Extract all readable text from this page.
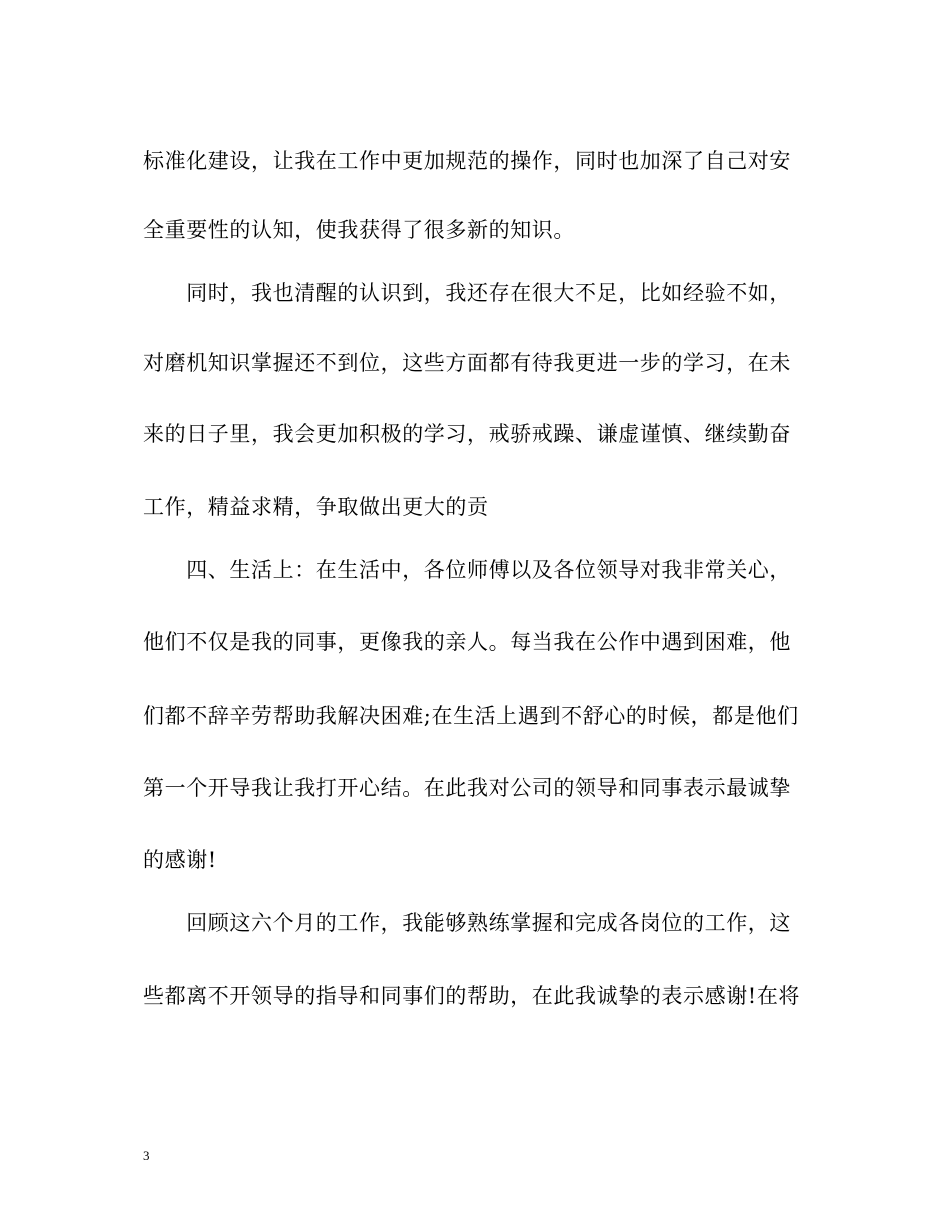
标准化建设，让我在工作中更加规范的操作，同时也加深了自己对安
全重要性的认知，使我获得了很多新的知识。
　　同时，我也清醒的认识到，我还存在很大不足，比如经验不如，
对磨机知识掌握还不到位，这些方面都有待我更进一步的学习，在未
来的日子里，我会更加积极的学习，戒骄戒躁、谦虚谨慎、继续勤奋
工作，精益求精，争取做出更大的贡
　　四、生活上：在生活中，各位师傅以及各位领导对我非常关心，
他们不仅是我的同事，更像我的亲人。每当我在公作中遇到困难，他
们都不辞辛劳帮助我解决困难;在生活上遇到不舒心的时候，都是他们
第一个开导我让我打开心结。在此我对公司的领导和同事表示最诚挚
的感谢!
　　回顾这六个月的工作，我能够熟练掌握和完成各岗位的工作，这
些都离不开领导的指导和同事们的帮助，在此我诚挚的表示感谢!在将
3
